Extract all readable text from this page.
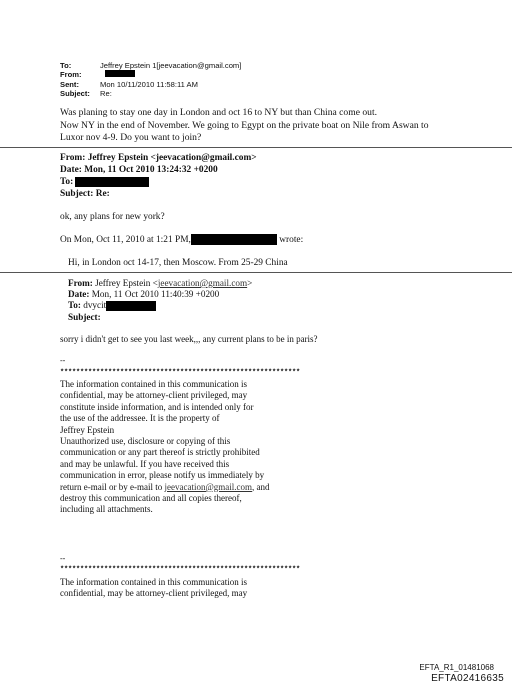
To:	Jeffrey Epstein 1[jeevacation@gmail.com]
From:
Sent:	Mon 10/11/2010 11:58:11 AM
Subject:	Re:
Was planing to stay one day in London and oct 16 to NY but than China come out.
Now NY in the end of November. We going to Egypt on the private boat on Nile from Aswan to
Luxor nov 4-9. Do you want to join?
From: Jeffrey Epstein <jeevacation@gmail.com>
Date: Mon, 11 Oct 2010 13:24:32 +0200
To:
Subject: Re:
ok, any plans for new york?
On Mon, Oct 11, 2010 at 1:21 PM,	wrote:
Hi, in London oct 14-17, then Moscow. From 25-29 China
From: Jeffrey Epstein <jeevacation@gmail.com>
Date: Mon, 11 Oct 2010 11:40:39 +0200
To: dvycit
Subject:
sorry i didn't get to see you last week,,, any current plans to be in paris?
--
************************************************************
The information contained in this communication is
confidential, may be attorney-client privileged, may
constitute inside information, and is intended only for
the use of the addressee. It is the property of
Jeffrey Epstein
Unauthorized use, disclosure or copying of this
communication or any part thereof is strictly prohibited
and may be unlawful. If you have received this
communication in error, please notify us immediately by
return e-mail or by e-mail to jeevacation@gmail.com, and
destroy this communication and all copies thereof,
including all attachments.
--
************************************************************
The information contained in this communication is
confidential, may be attorney-client privileged, may
EFTA_R1_01481068
EFTA02416635
